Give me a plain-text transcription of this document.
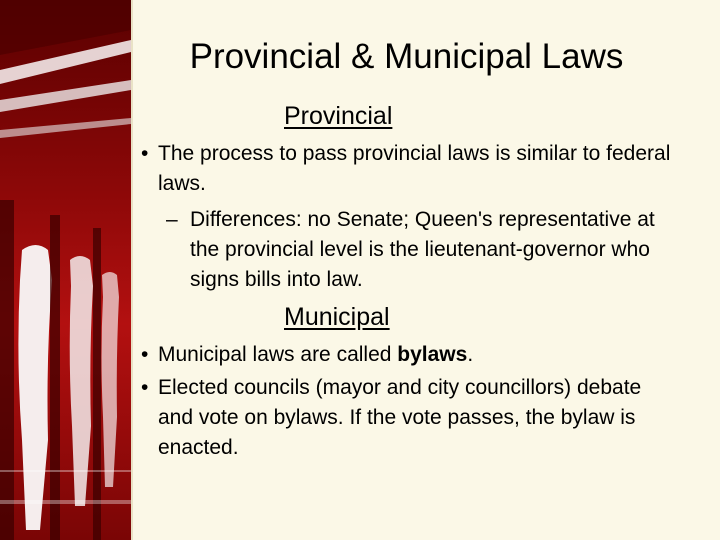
Provincial & Municipal Laws
Provincial
• The process to pass provincial laws is similar to federal laws.
– Differences: no Senate; Queen's representative at the provincial level is the lieutenant-governor who signs bills into law.
Municipal
• Municipal laws are called bylaws.
• Elected councils (mayor and city councillors) debate and vote on bylaws. If the vote passes, the bylaw is enacted.
